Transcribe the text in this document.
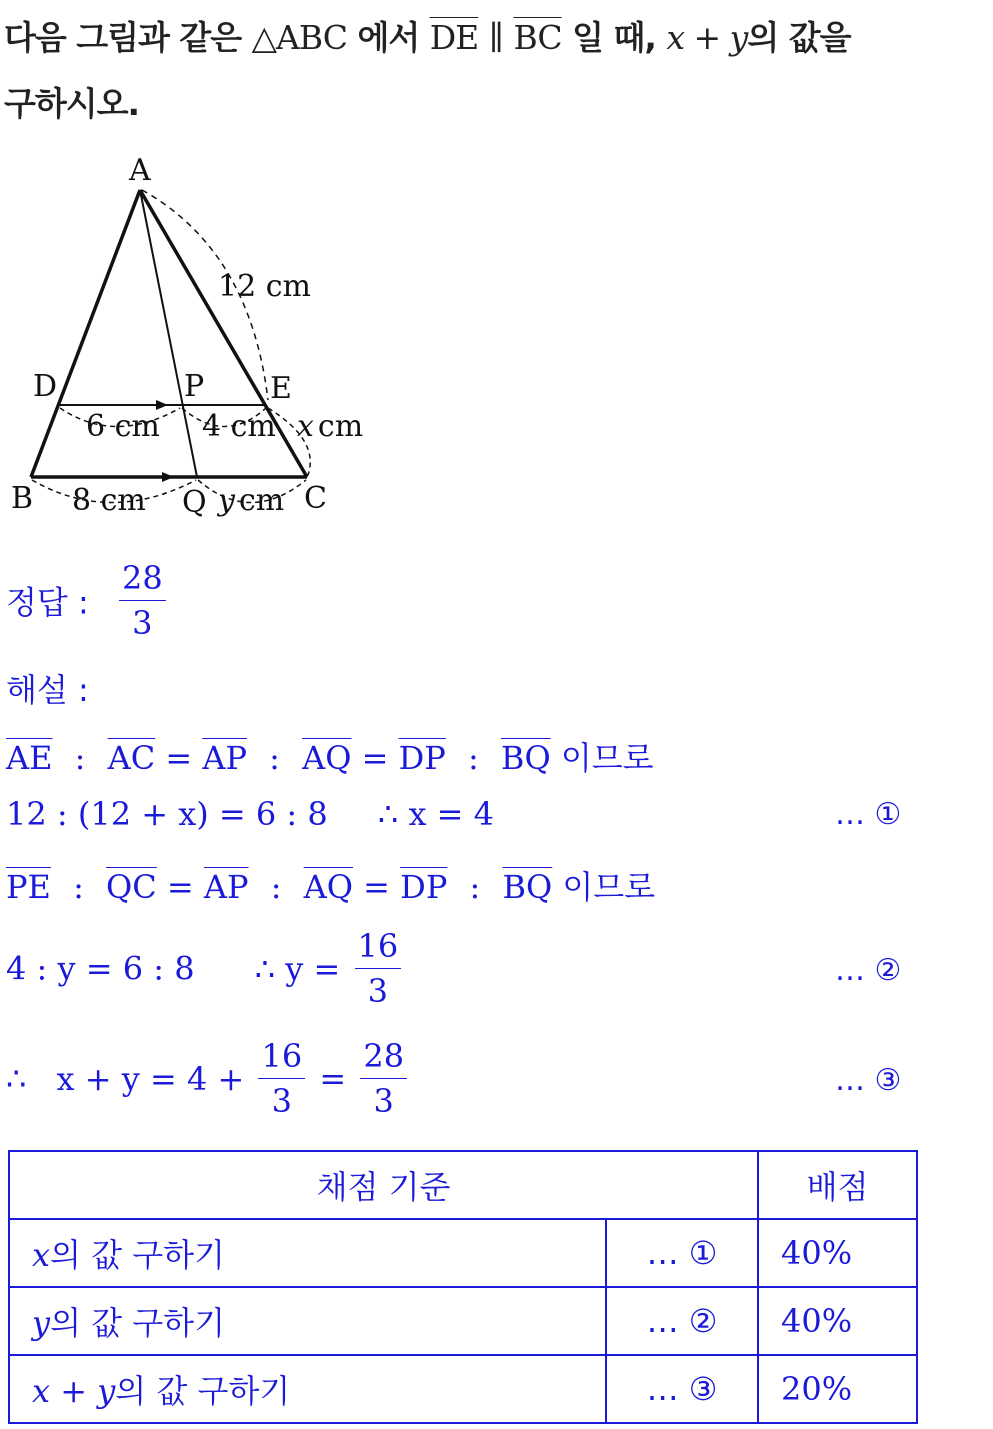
다음 그림과 같은 △ABC 에서 $\overline{DE}$ ∥ $\overline{BC}$ 일 때, x + y의 값을
구하시오.
A
B	C
D	E
P
Q
12 cm
6 cm 4 cm
8 cm
x cm
y cm
정답 : $\frac{28}{3}$
해설 :
$\overline{AE}$ : $\overline{AC} = \overline{AP}$ : $\overline{AQ} = \overline{DP}$ : $\overline{BQ}$ 이므로
12 : (12 + x) = 6 : 8 ∴ x = 4	… ①
$\overline{PE}$ : $\overline{QC} = \overline{AP}$ : $\overline{AQ} = \overline{DP}$ : $\overline{BQ}$ 이므로
4 : y = 6 : 8 ∴ $y = \frac{16}{3}$	… ②
∴ $x + y = 4 + \frac{16}{3} = \frac{28}{3}$	… ③
채점 기준		배점
x의 값 구하기	… ①	40%
y의 값 구하기	… ②	40%
x + y의 값 구하기	… ③	20%
